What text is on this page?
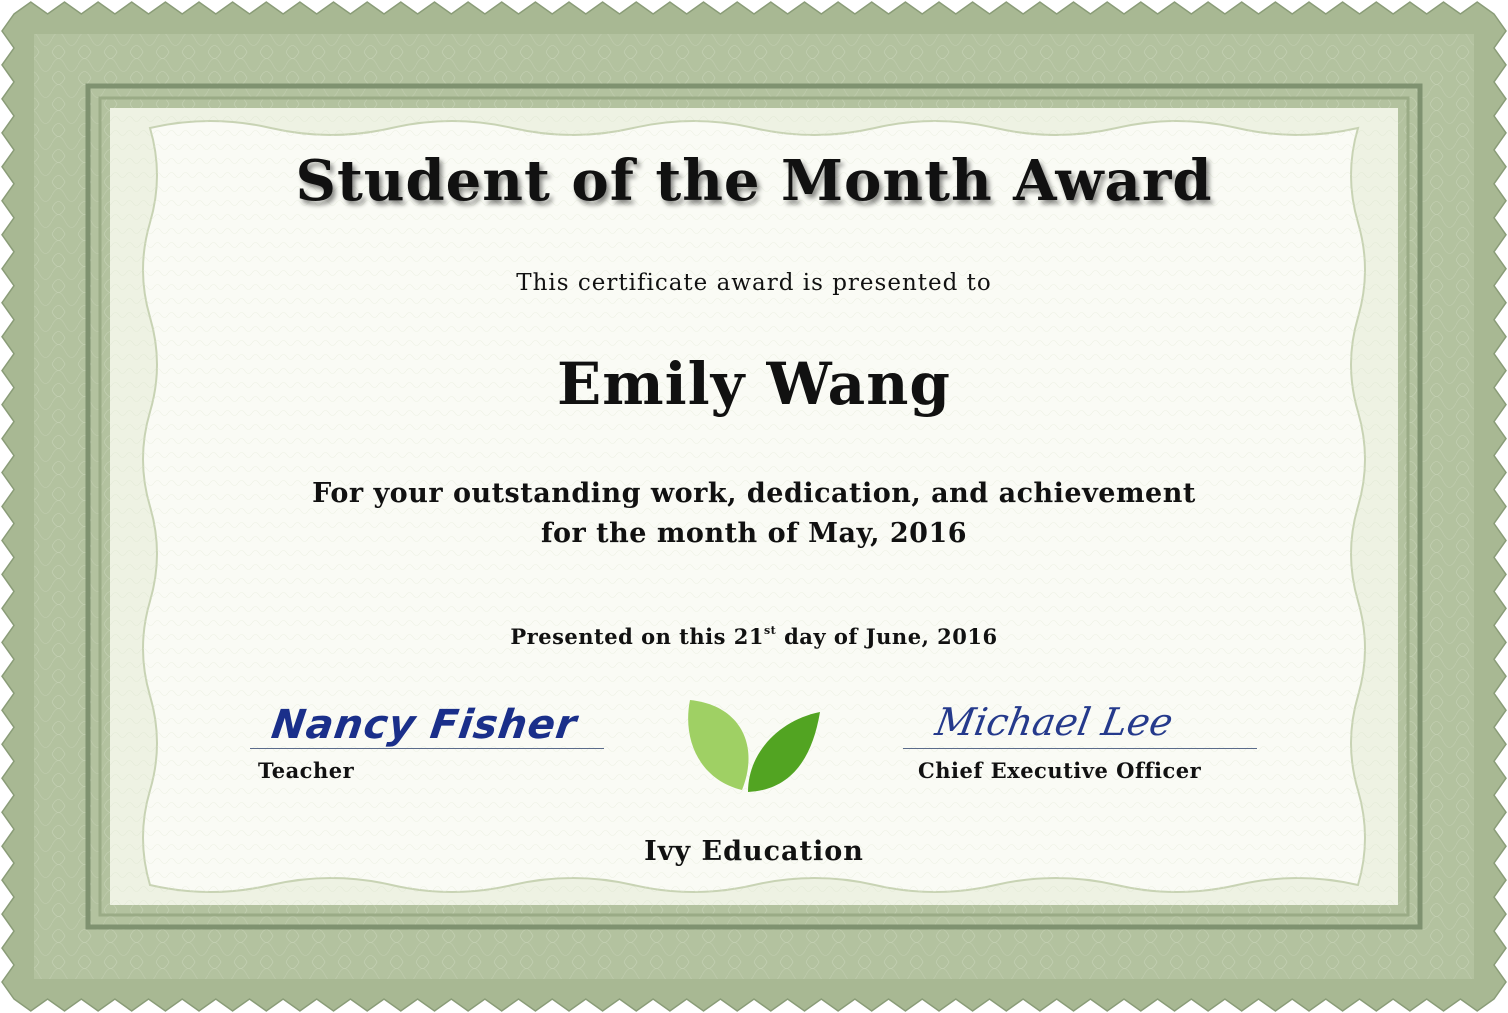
Student of the Month Award
This certificate award is presented to
Emily Wang
For your outstanding work, dedication, and achievement
for the month of May, 2016
Presented on this 21st day of June, 2016
Nancy Fisher
Teacher
Michael Lee
Chief Executive Officer
Ivy Education
